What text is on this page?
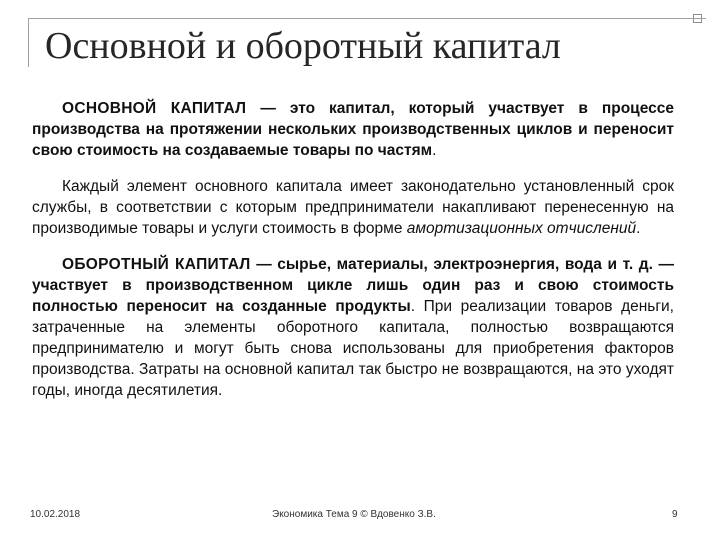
Основной и оборотный капитал

ОСНОВНОЙ КАПИТАЛ — это капитал, который участвует в процессе производства на протяжении нескольких производственных циклов и переносит свою стоимость на создаваемые товары по частям.

Каждый элемент основного капитала имеет законодательно установленный срок службы, в соответствии с которым предприниматели накапливают перенесенную на производимые товары и услуги стоимость в форме амортизационных отчислений.

ОБОРОТНЫЙ КАПИТАЛ — сырье, материалы, электроэнергия, вода и т. д. — участвует в производственном цикле лишь один раз и свою стоимость полностью переносит на созданные продукты. При реализации товаров деньги, затраченные на элементы оборотного капитала, полностью возвращаются предпринимателю и могут быть снова использованы для приобретения факторов производства. Затраты на основной капитал так быстро не возвращаются, на это уходят годы, иногда десятилетия.

10.02.2018	Экономика Тема 9 © Вдовенко З.В.	9
